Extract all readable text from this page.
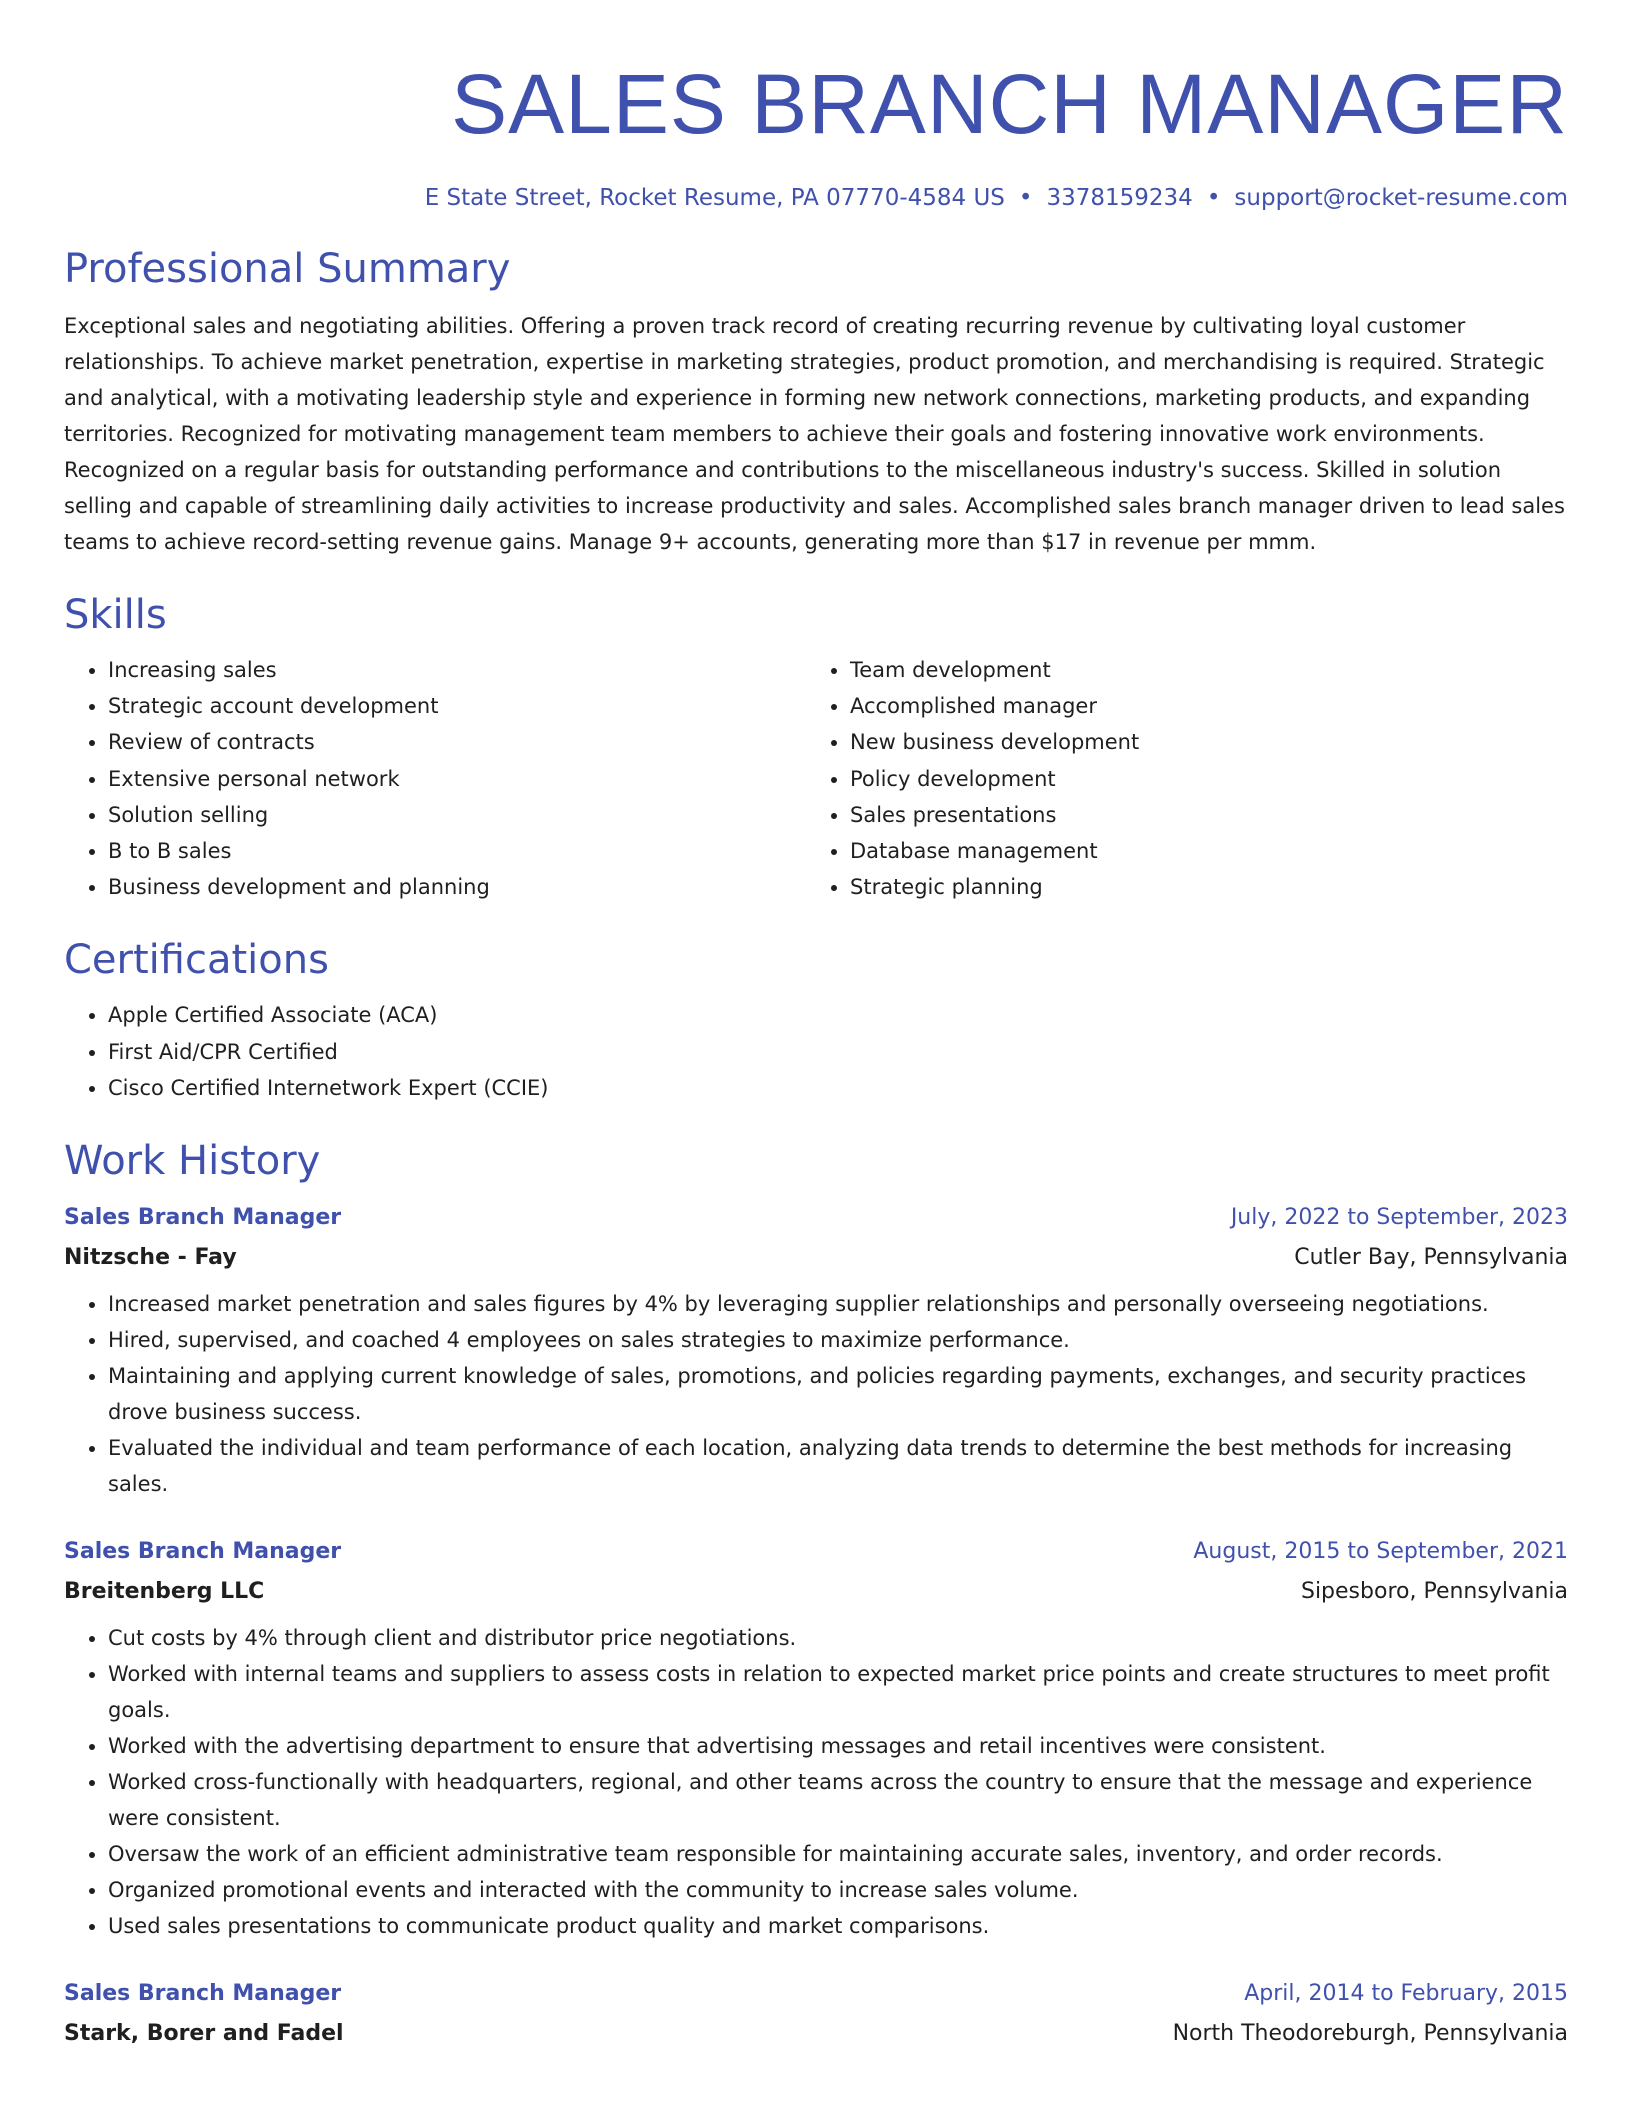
SALES BRANCH MANAGER
E State Street, Rocket Resume, PA 07770-4584 US • 3378159234 • support@rocket-resume.com
Professional Summary

Exceptional sales and negotiating abilities. Offering a proven track record of creating recurring revenue by cultivating loyal customer relationships. To achieve market penetration, expertise in marketing strategies, product promotion, and merchandising is required. Strategic and analytical, with a motivating leadership style and experience in forming new network connections, marketing products, and expanding territories. Recognized for motivating management team members to achieve their goals and fostering innovative work environments. Recognized on a regular basis for outstanding performance and contributions to the miscellaneous industry's success. Skilled in solution selling and capable of streamlining daily activities to increase productivity and sales. Accomplished sales branch manager driven to lead sales teams to achieve record-setting revenue gains. Manage 9+ accounts, generating more than $17 in revenue per mmm.

Skills
• Increasing sales
• Strategic account development
• Review of contracts
• Extensive personal network
• Solution selling
• B to B sales
• Business development and planning
• Team development
• Accomplished manager
• New business development
• Policy development
• Sales presentations
• Database management
• Strategic planning
Certifications
• Apple Certified Associate (ACA)
• First Aid/CPR Certified
• Cisco Certified Internetwork Expert (CCIE)
Work History
Sales Branch Manager	July, 2022 to September, 2023
Nitzsche - Fay	Cutler Bay, Pennsylvania
• Increased market penetration and sales figures by 4% by leveraging supplier relationships and personally overseeing negotiations.
• Hired, supervised, and coached 4 employees on sales strategies to maximize performance.
• Maintaining and applying current knowledge of sales, promotions, and policies regarding payments, exchanges, and security practices drove business success.
• Evaluated the individual and team performance of each location, analyzing data trends to determine the best methods for increasing sales.
Sales Branch Manager	August, 2015 to September, 2021
Breitenberg LLC	Sipesboro, Pennsylvania
• Cut costs by 4% through client and distributor price negotiations.
• Worked with internal teams and suppliers to assess costs in relation to expected market price points and create structures to meet profit goals.
• Worked with the advertising department to ensure that advertising messages and retail incentives were consistent.
• Worked cross-functionally with headquarters, regional, and other teams across the country to ensure that the message and experience were consistent.
• Oversaw the work of an efficient administrative team responsible for maintaining accurate sales, inventory, and order records.
• Organized promotional events and interacted with the community to increase sales volume.
• Used sales presentations to communicate product quality and market comparisons.
Sales Branch Manager	April, 2014 to February, 2015
Stark, Borer and Fadel	North Theodoreburgh, Pennsylvania
